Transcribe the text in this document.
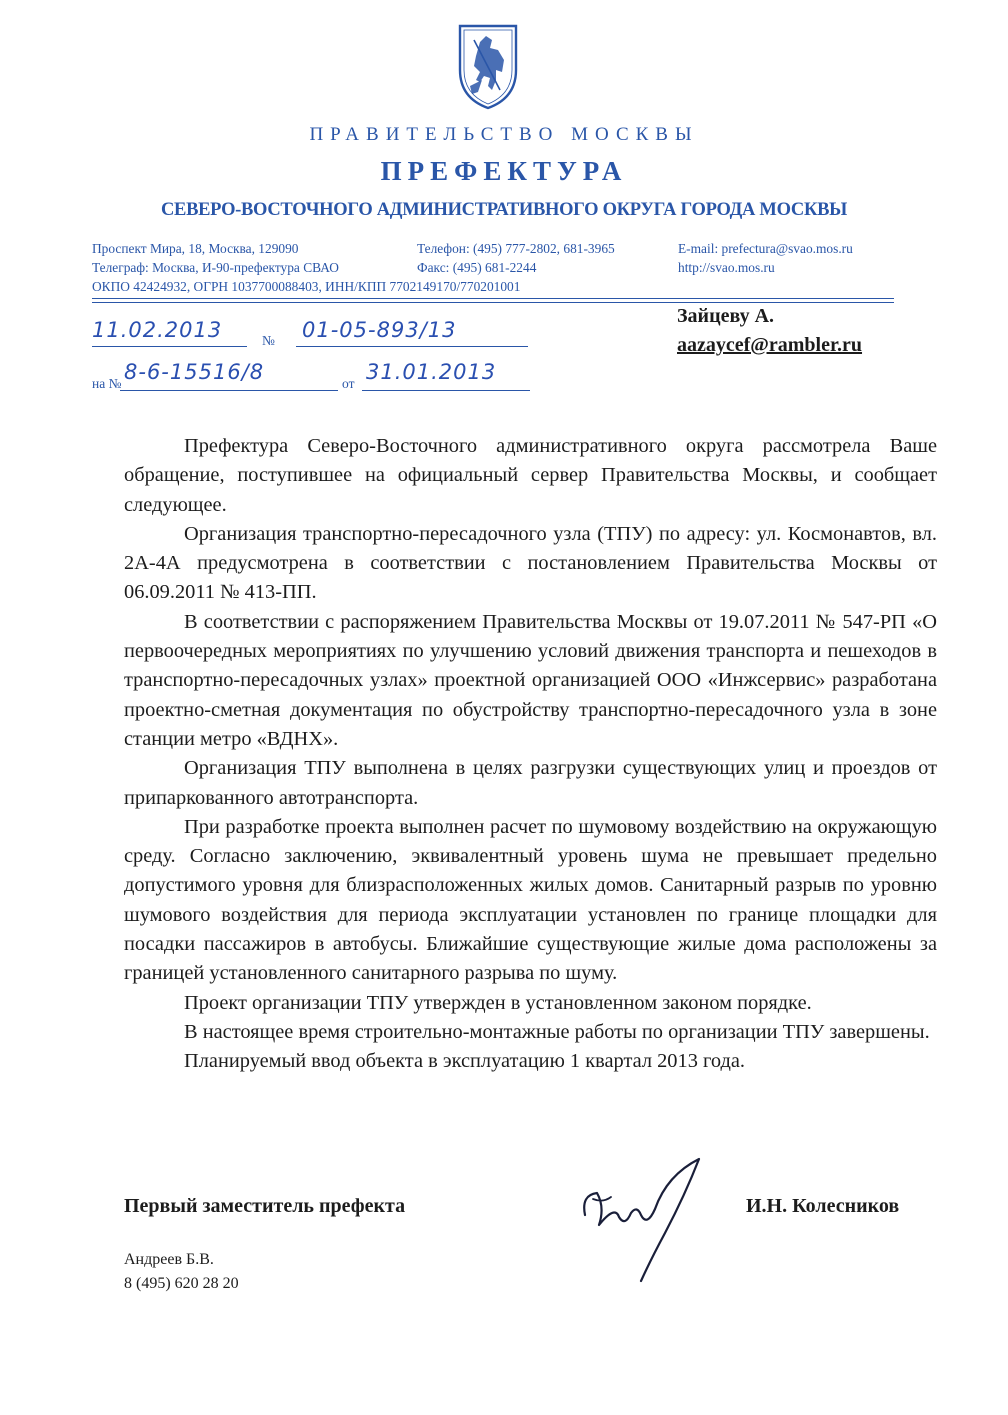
ПРАВИТЕЛЬСТВО МОСКВЫ
ПРЕФЕКТУРА
СЕВЕРО-ВОСТОЧНОГО АДМИНИСТРАТИВНОГО ОКРУГА ГОРОДА МОСКВЫ
Проспект Мира, 18, Москва, 129090
Телеграф: Москва, И-90-префектура СВАО
ОКПО 42424932, ОГРН 1037700088403, ИНН/КПП 7702149170/770201001
Телефон: (495) 777-2802, 681-3965
Факс: (495) 681-2244
E-mail: prefectura@svao.mos.ru
http://svao.mos.ru
11.02.2013	№ 01-05-893/13
на № 8-6-15516/8	от 31.01.2013
Зайцеву А.
aazaycef@rambler.ru

Префектура Северо-Восточного административного округа рассмотрела Ваше обращение, поступившее на официальный сервер Правительства Москвы, и сообщает следующее.

Организация транспортно-пересадочного узла (ТПУ) по адресу: ул. Космонавтов, вл. 2А-4А предусмотрена в соответствии с постановлением Правительства Москвы от 06.09.2011 № 413-ПП.

В соответствии с распоряжением Правительства Москвы от 19.07.2011 № 547-РП «О первоочередных мероприятиях по улучшению условий движения транспорта и пешеходов в транспортно-пересадочных узлах» проектной организацией ООО «Инжсервис» разработана проектно-сметная документация по обустройству транспортно-пересадочного узла в зоне станции метро «ВДНХ».

Организация ТПУ выполнена в целях разгрузки существующих улиц и проездов от припаркованного автотранспорта.

При разработке проекта выполнен расчет по шумовому воздействию на окружающую среду. Согласно заключению, эквивалентный уровень шума не превышает предельно допустимого уровня для близрасположенных жилых домов. Санитарный разрыв по уровню шумового воздействия для периода эксплуатации установлен по границе площадки для посадки пассажиров в автобусы. Ближайшие существующие жилые дома расположены за границей установленного санитарного разрыва по шуму.

Проект организации ТПУ утвержден в установленном законом порядке.

В настоящее время строительно-монтажные работы по организации ТПУ завершены.

Планируемый ввод объекта в эксплуатацию 1 квартал 2013 года.

Первый заместитель префекта	И.Н. Колесников
Андреев Б.В.
8 (495) 620 28 20
